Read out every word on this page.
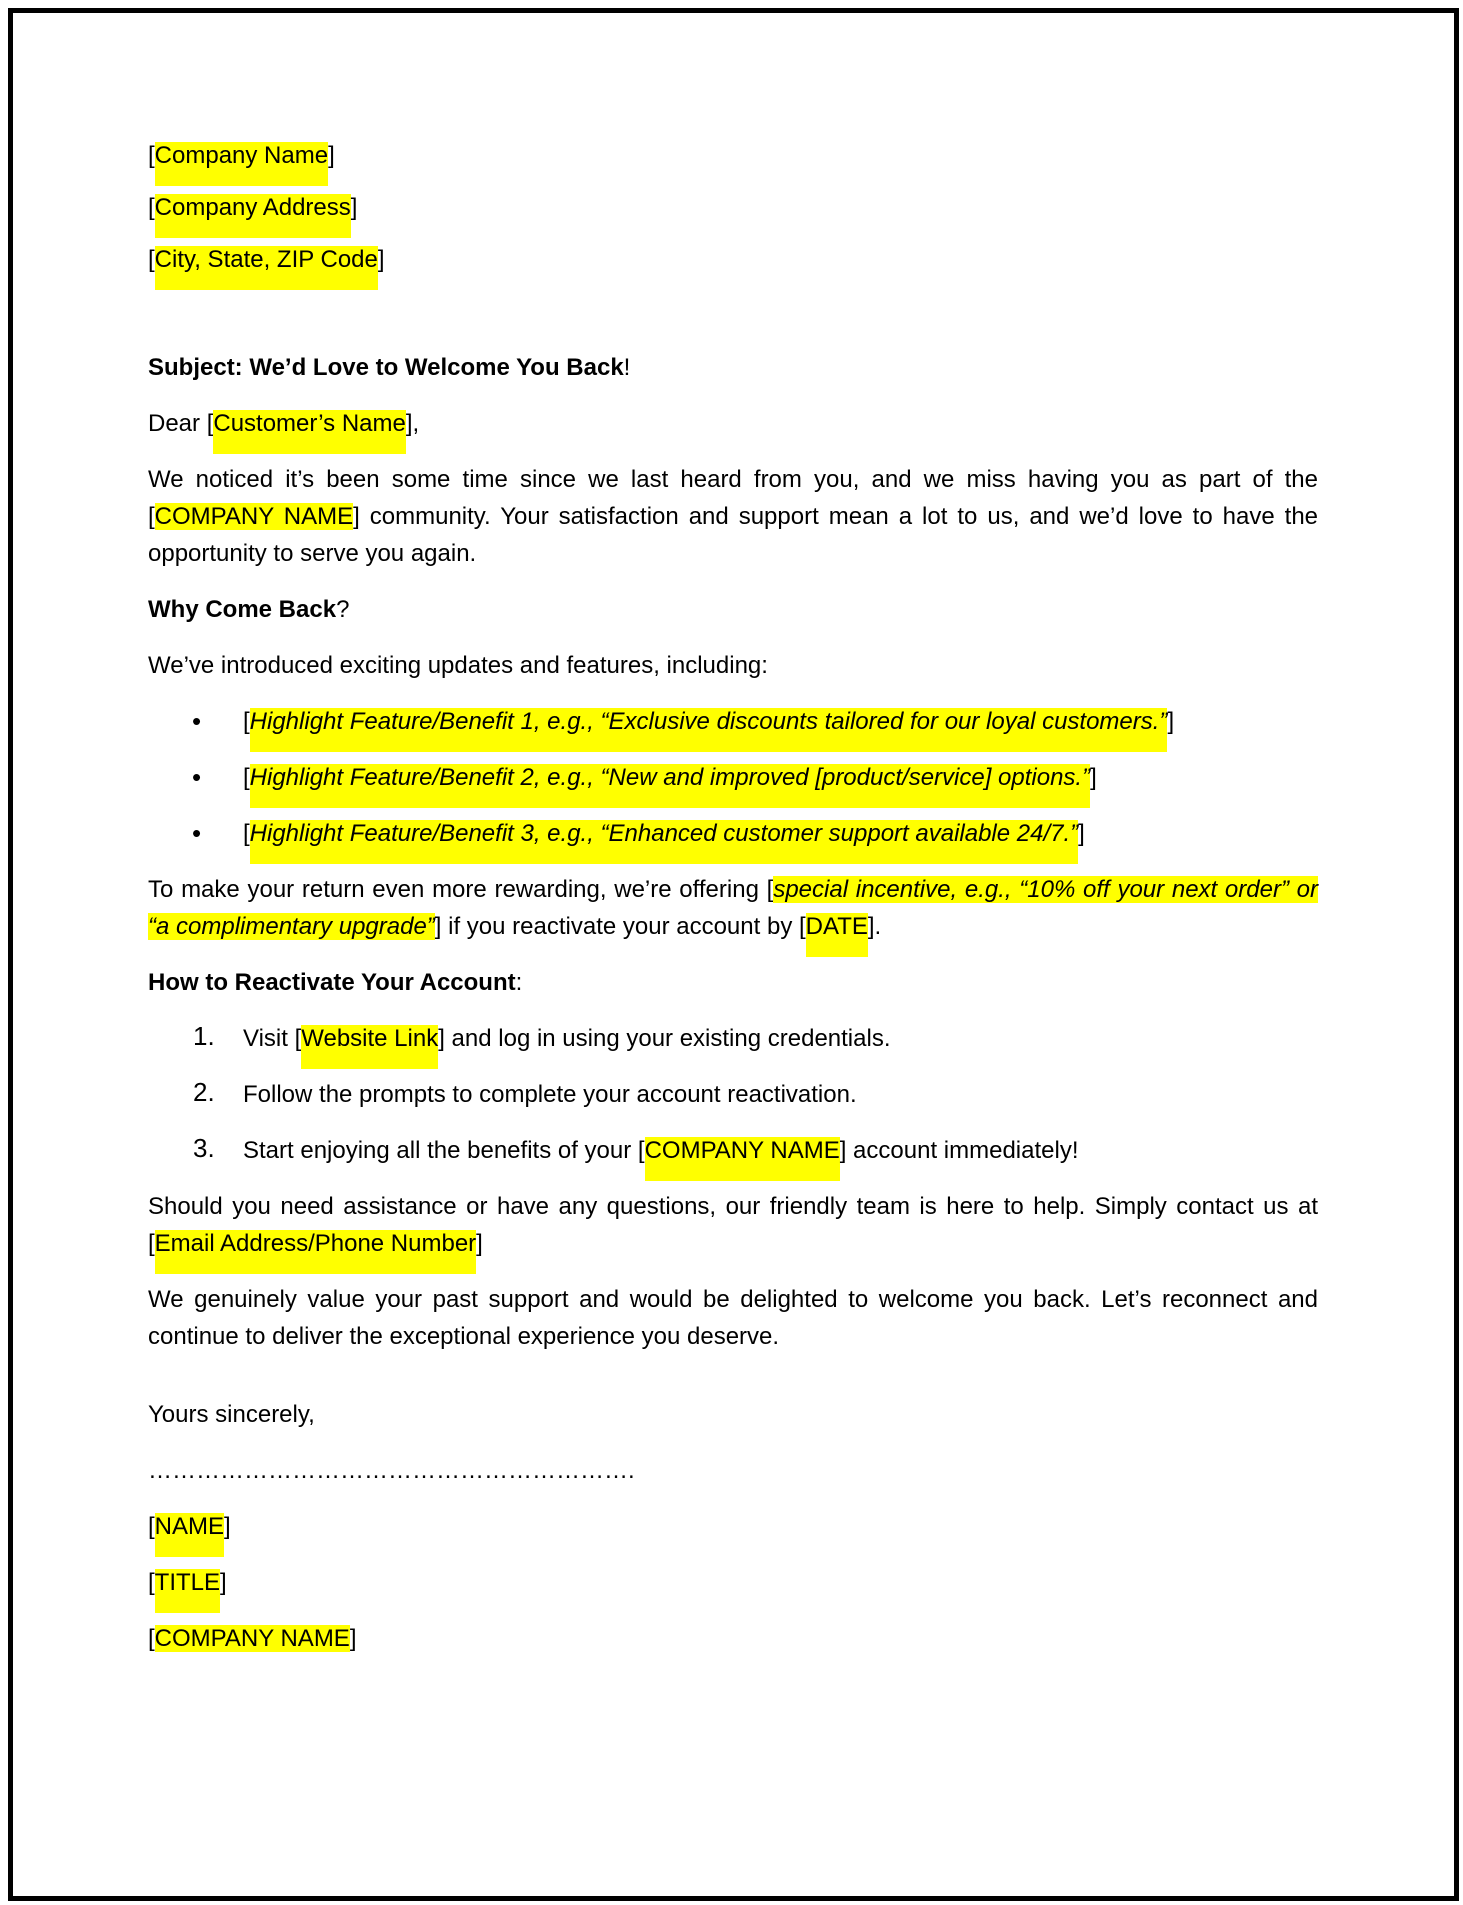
[Company Name]

[Company Address]

[City, State, ZIP Code]

Subject: We’d Love to Welcome You Back!

Dear [Customer’s Name],

We noticed it’s been some time since we last heard from you, and we miss having you as part of the [COMPANY NAME] community. Your satisfaction and support mean a lot to us, and we’d love to have the opportunity to serve you again.

Why Come Back?

We’ve introduced exciting updates and features, including:

• [Highlight Feature/Benefit 1, e.g., “Exclusive discounts tailored for our loyal customers.”]
• [Highlight Feature/Benefit 2, e.g., “New and improved [product/service] options.”]
• [Highlight Feature/Benefit 3, e.g., “Enhanced customer support available 24/7.”]

To make your return even more rewarding, we’re offering [special incentive, e.g., “10% off your next order” or “a complimentary upgrade”] if you reactivate your account by [DATE].

How to Reactivate Your Account:

1. Visit [Website Link] and log in using your existing credentials.
2. Follow the prompts to complete your account reactivation.
3. Start enjoying all the benefits of your [COMPANY NAME] account immediately!

Should you need assistance or have any questions, our friendly team is here to help. Simply contact us at [Email Address/Phone Number]

We genuinely value your past support and would be delighted to welcome you back. Let’s reconnect and continue to deliver the exceptional experience you deserve.

Yours sincerely,

…………………………………………………….

[NAME]

[TITLE]

[COMPANY NAME]
